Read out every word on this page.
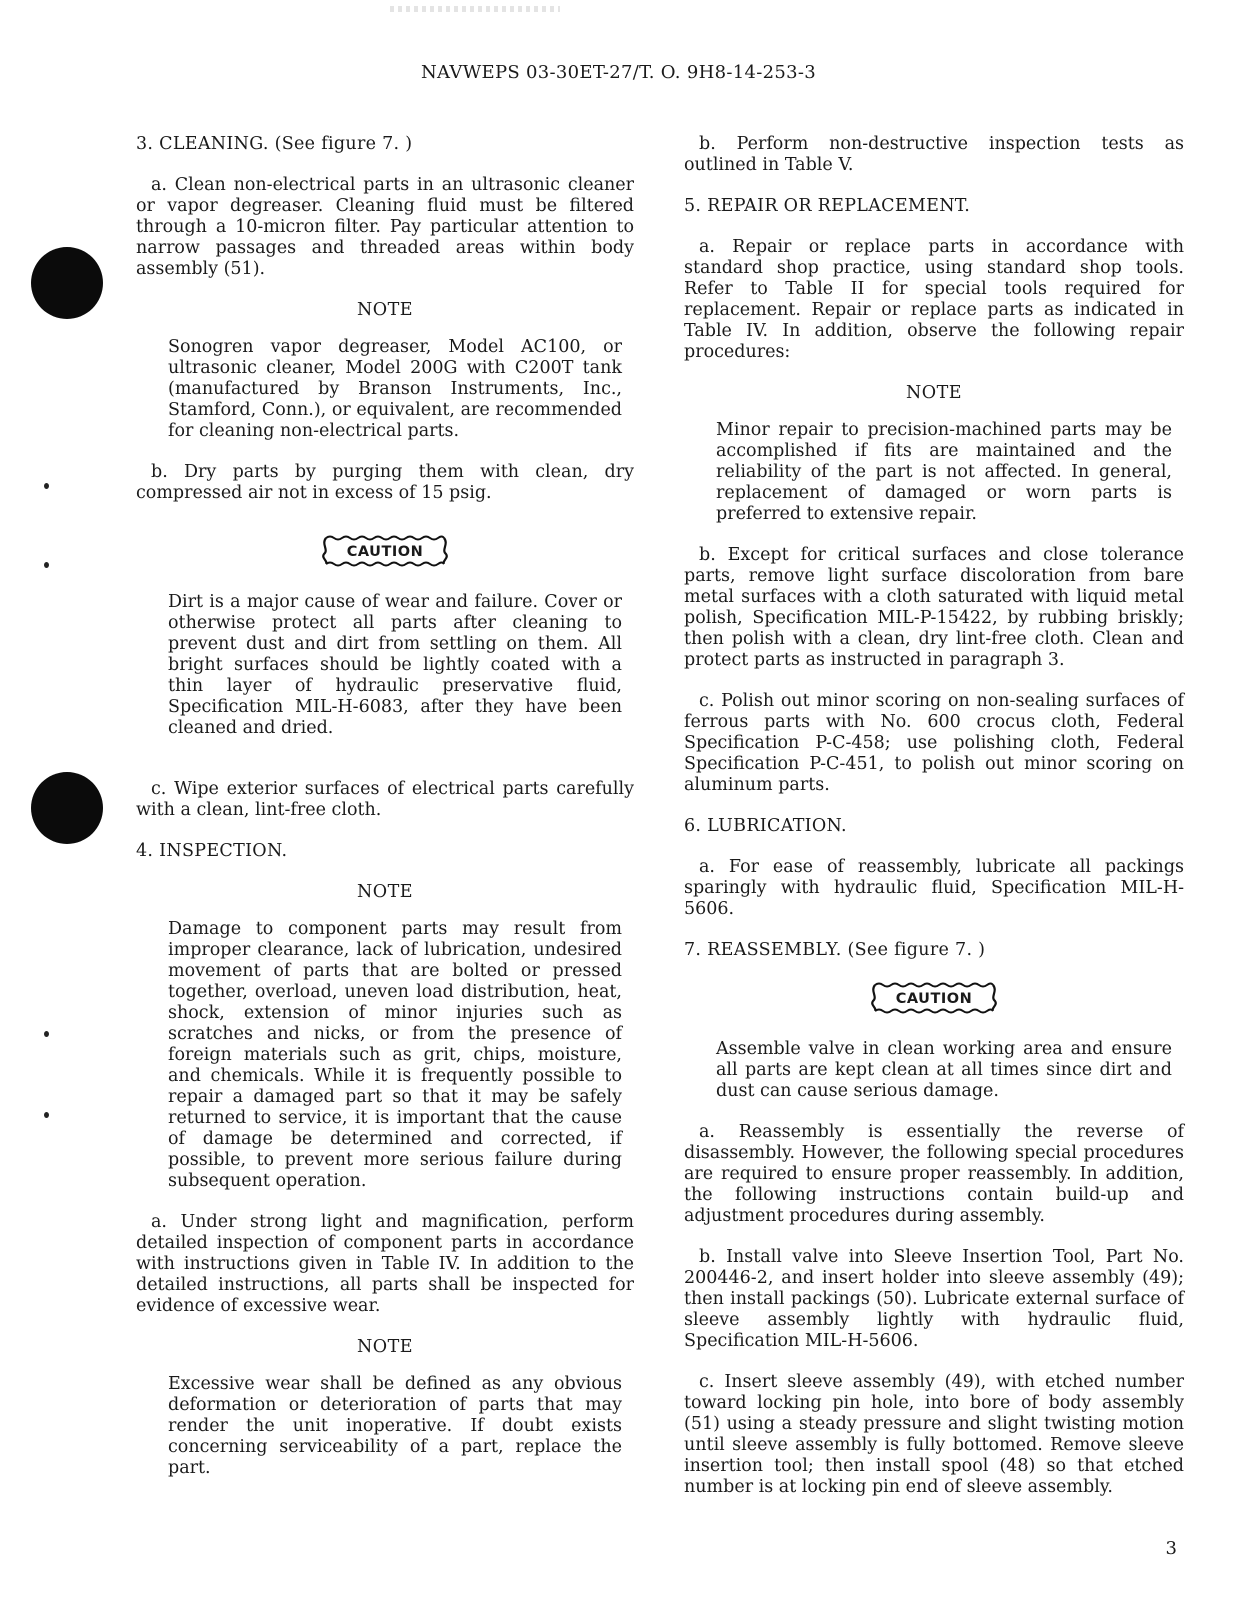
NAVWEPS 03-30ET-27/T. O. 9H8-14-253-3
3. CLEANING. (See figure 7. )

a. Clean non-electrical parts in an ultrasonic cleaner or vapor degreaser. Cleaning fluid must be filtered through a 10-micron filter. Pay particular attention to narrow passages and threaded areas within body assembly (51).

NOTE

Sonogren vapor degreaser, Model AC100, or ultrasonic cleaner, Model 200G with C200T tank (manufactured by Branson Instruments, Inc., Stamford, Conn.), or equivalent, are recommended for cleaning non-electrical parts.

b. Dry parts by purging them with clean, dry compressed air not in excess of 15 psig.

CAUTION

Dirt is a major cause of wear and failure. Cover or otherwise protect all parts after cleaning to prevent dust and dirt from settling on them. All bright surfaces should be lightly coated with a thin layer of hydraulic preservative fluid, Specification MIL-H-6083, after they have been cleaned and dried.

c. Wipe exterior surfaces of electrical parts carefully with a clean, lint-free cloth.

4. INSPECTION.
NOTE

Damage to component parts may result from improper clearance, lack of lubrication, undesired movement of parts that are bolted or pressed together, overload, uneven load distribution, heat, shock, extension of minor injuries such as scratches and nicks, or from the presence of foreign materials such as grit, chips, moisture, and chemicals. While it is frequently possible to repair a damaged part so that it may be safely returned to service, it is important that the cause of damage be determined and corrected, if possible, to prevent more serious failure during subsequent operation.

a. Under strong light and magnification, perform detailed inspection of component parts in accordance with instructions given in Table IV. In addition to the detailed instructions, all parts shall be inspected for evidence of excessive wear.

NOTE

Excessive wear shall be defined as any obvious deformation or deterioration of parts that may render the unit inoperative. If doubt exists concerning serviceability of a part, replace the part.

b. Perform non-destructive inspection tests as outlined in Table V.

5. REPAIR OR REPLACEMENT.

a. Repair or replace parts in accordance with standard shop practice, using standard shop tools. Refer to Table II for special tools required for replacement. Repair or replace parts as indicated in Table IV. In addition, observe the following repair procedures:

NOTE

Minor repair to precision-machined parts may be accomplished if fits are maintained and the reliability of the part is not affected. In general, replacement of damaged or worn parts is preferred to extensive repair.

b. Except for critical surfaces and close tolerance parts, remove light surface discoloration from bare metal surfaces with a cloth saturated with liquid metal polish, Specification MIL-P-15422, by rubbing briskly; then polish with a clean, dry lint-free cloth. Clean and protect parts as instructed in paragraph 3.

c. Polish out minor scoring on non-sealing surfaces of ferrous parts with No. 600 crocus cloth, Federal Specification P-C-458; use polishing cloth, Federal Specification P-C-451, to polish out minor scoring on aluminum parts.

6. LUBRICATION.

a. For ease of reassembly, lubricate all packings sparingly with hydraulic fluid, Specification MIL-H-5606.

7. REASSEMBLY. (See figure 7. )
CAUTION

Assemble valve in clean working area and ensure all parts are kept clean at all times since dirt and dust can cause serious damage.

a. Reassembly is essentially the reverse of disassembly. However, the following special procedures are required to ensure proper reassembly. In addition, the following instructions contain build-up and adjustment procedures during assembly.

b. Install valve into Sleeve Insertion Tool, Part No. 200446-2, and insert holder into sleeve assembly (49); then install packings (50). Lubricate external surface of sleeve assembly lightly with hydraulic fluid, Specification MIL-H-5606.

c. Insert sleeve assembly (49), with etched number toward locking pin hole, into bore of body assembly (51) using a steady pressure and slight twisting motion until sleeve assembly is fully bottomed. Remove sleeve insertion tool; then install spool (48) so that etched number is at locking pin end of sleeve assembly.

3
